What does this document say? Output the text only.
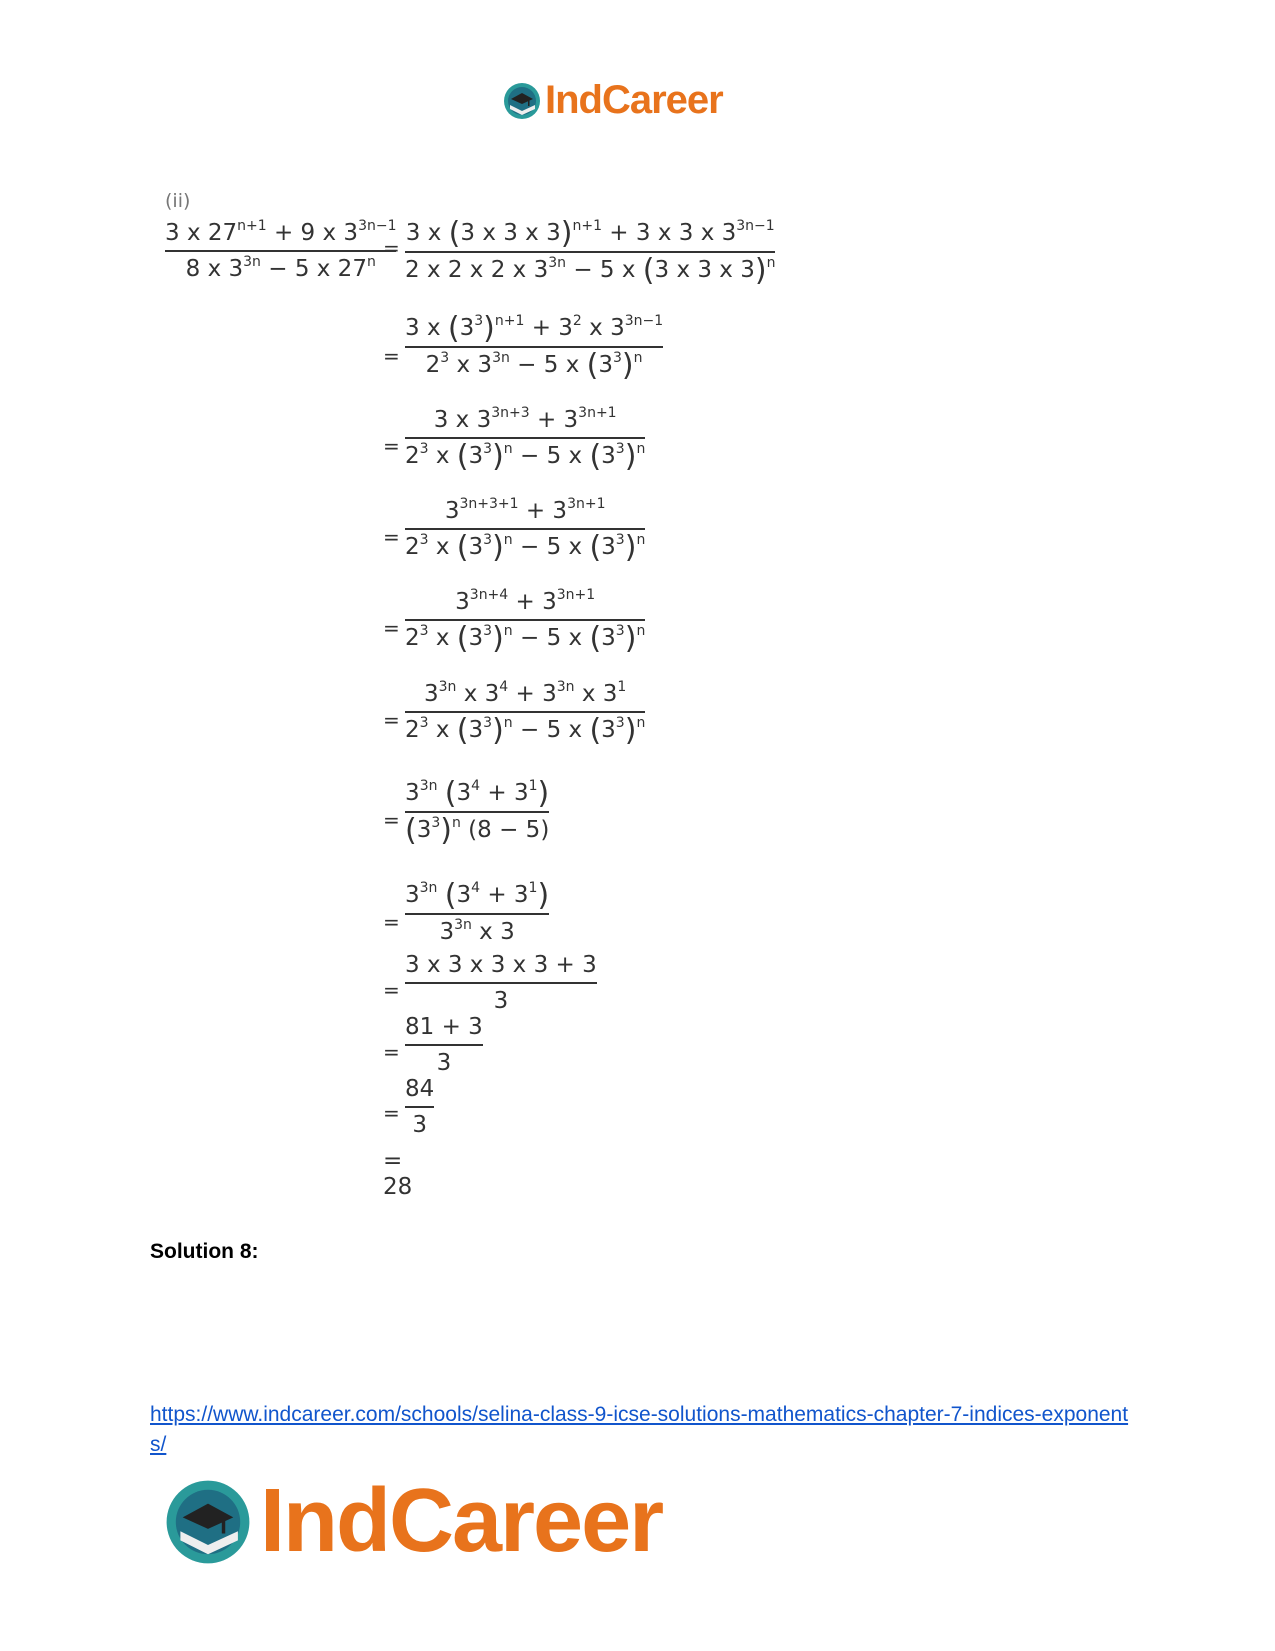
IndCareer
(ii)
3 x $27^{n+1} + 9$ x $3^{3n-1}$
8 x $3^{3n} - 5$ x $27^n$
=
3 x (3 x 3 x 3)$^{n+1}$ + 3 x 3 x $3^{3n-1}$
2 x 2 x 2 x $3^{3n} - 5$ x (3 x 3 x 3)$^n$
=
3 x $(3^3)^{n+1} + 3^2$ x $3^{3n-1}$
$2^3$ x $3^{3n} - 5$ x $(3^3)^n$
=
3 x $3^{3n+3} + 3^{3n+1}$
$2^3$ x $(3^3)^n - 5$ x $(3^3)^n$
=
$3^{3n+3+1} + 3^{3n+1}$
$2^3$ x $(3^3)^n - 5$ x $(3^3)^n$
=
$3^{3n+4} + 3^{3n+1}$
$2^3$ x $(3^3)^n - 5$ x $(3^3)^n$
=
$3^{3n}$ x $3^4 + 3^{3n}$ x $3^1$
$2^3$ x $(3^3)^n - 5$ x $(3^3)^n$
=
$3^{3n}$ $(3^4 + 3^1)$
$(3^3)^n$ (8 − 5)
=
$3^{3n}$ $(3^4 + 3^1)$
$3^{3n}$ x 3
=
3 x 3 x 3 x 3 + 3
3
=
81 + 3
3
=
84
3
= 28
Solution 8:
https://www.indcareer.com/schools/selina-class-9-icse-solutions-mathematics-chapter-7-indices-exponents/
IndCareer
